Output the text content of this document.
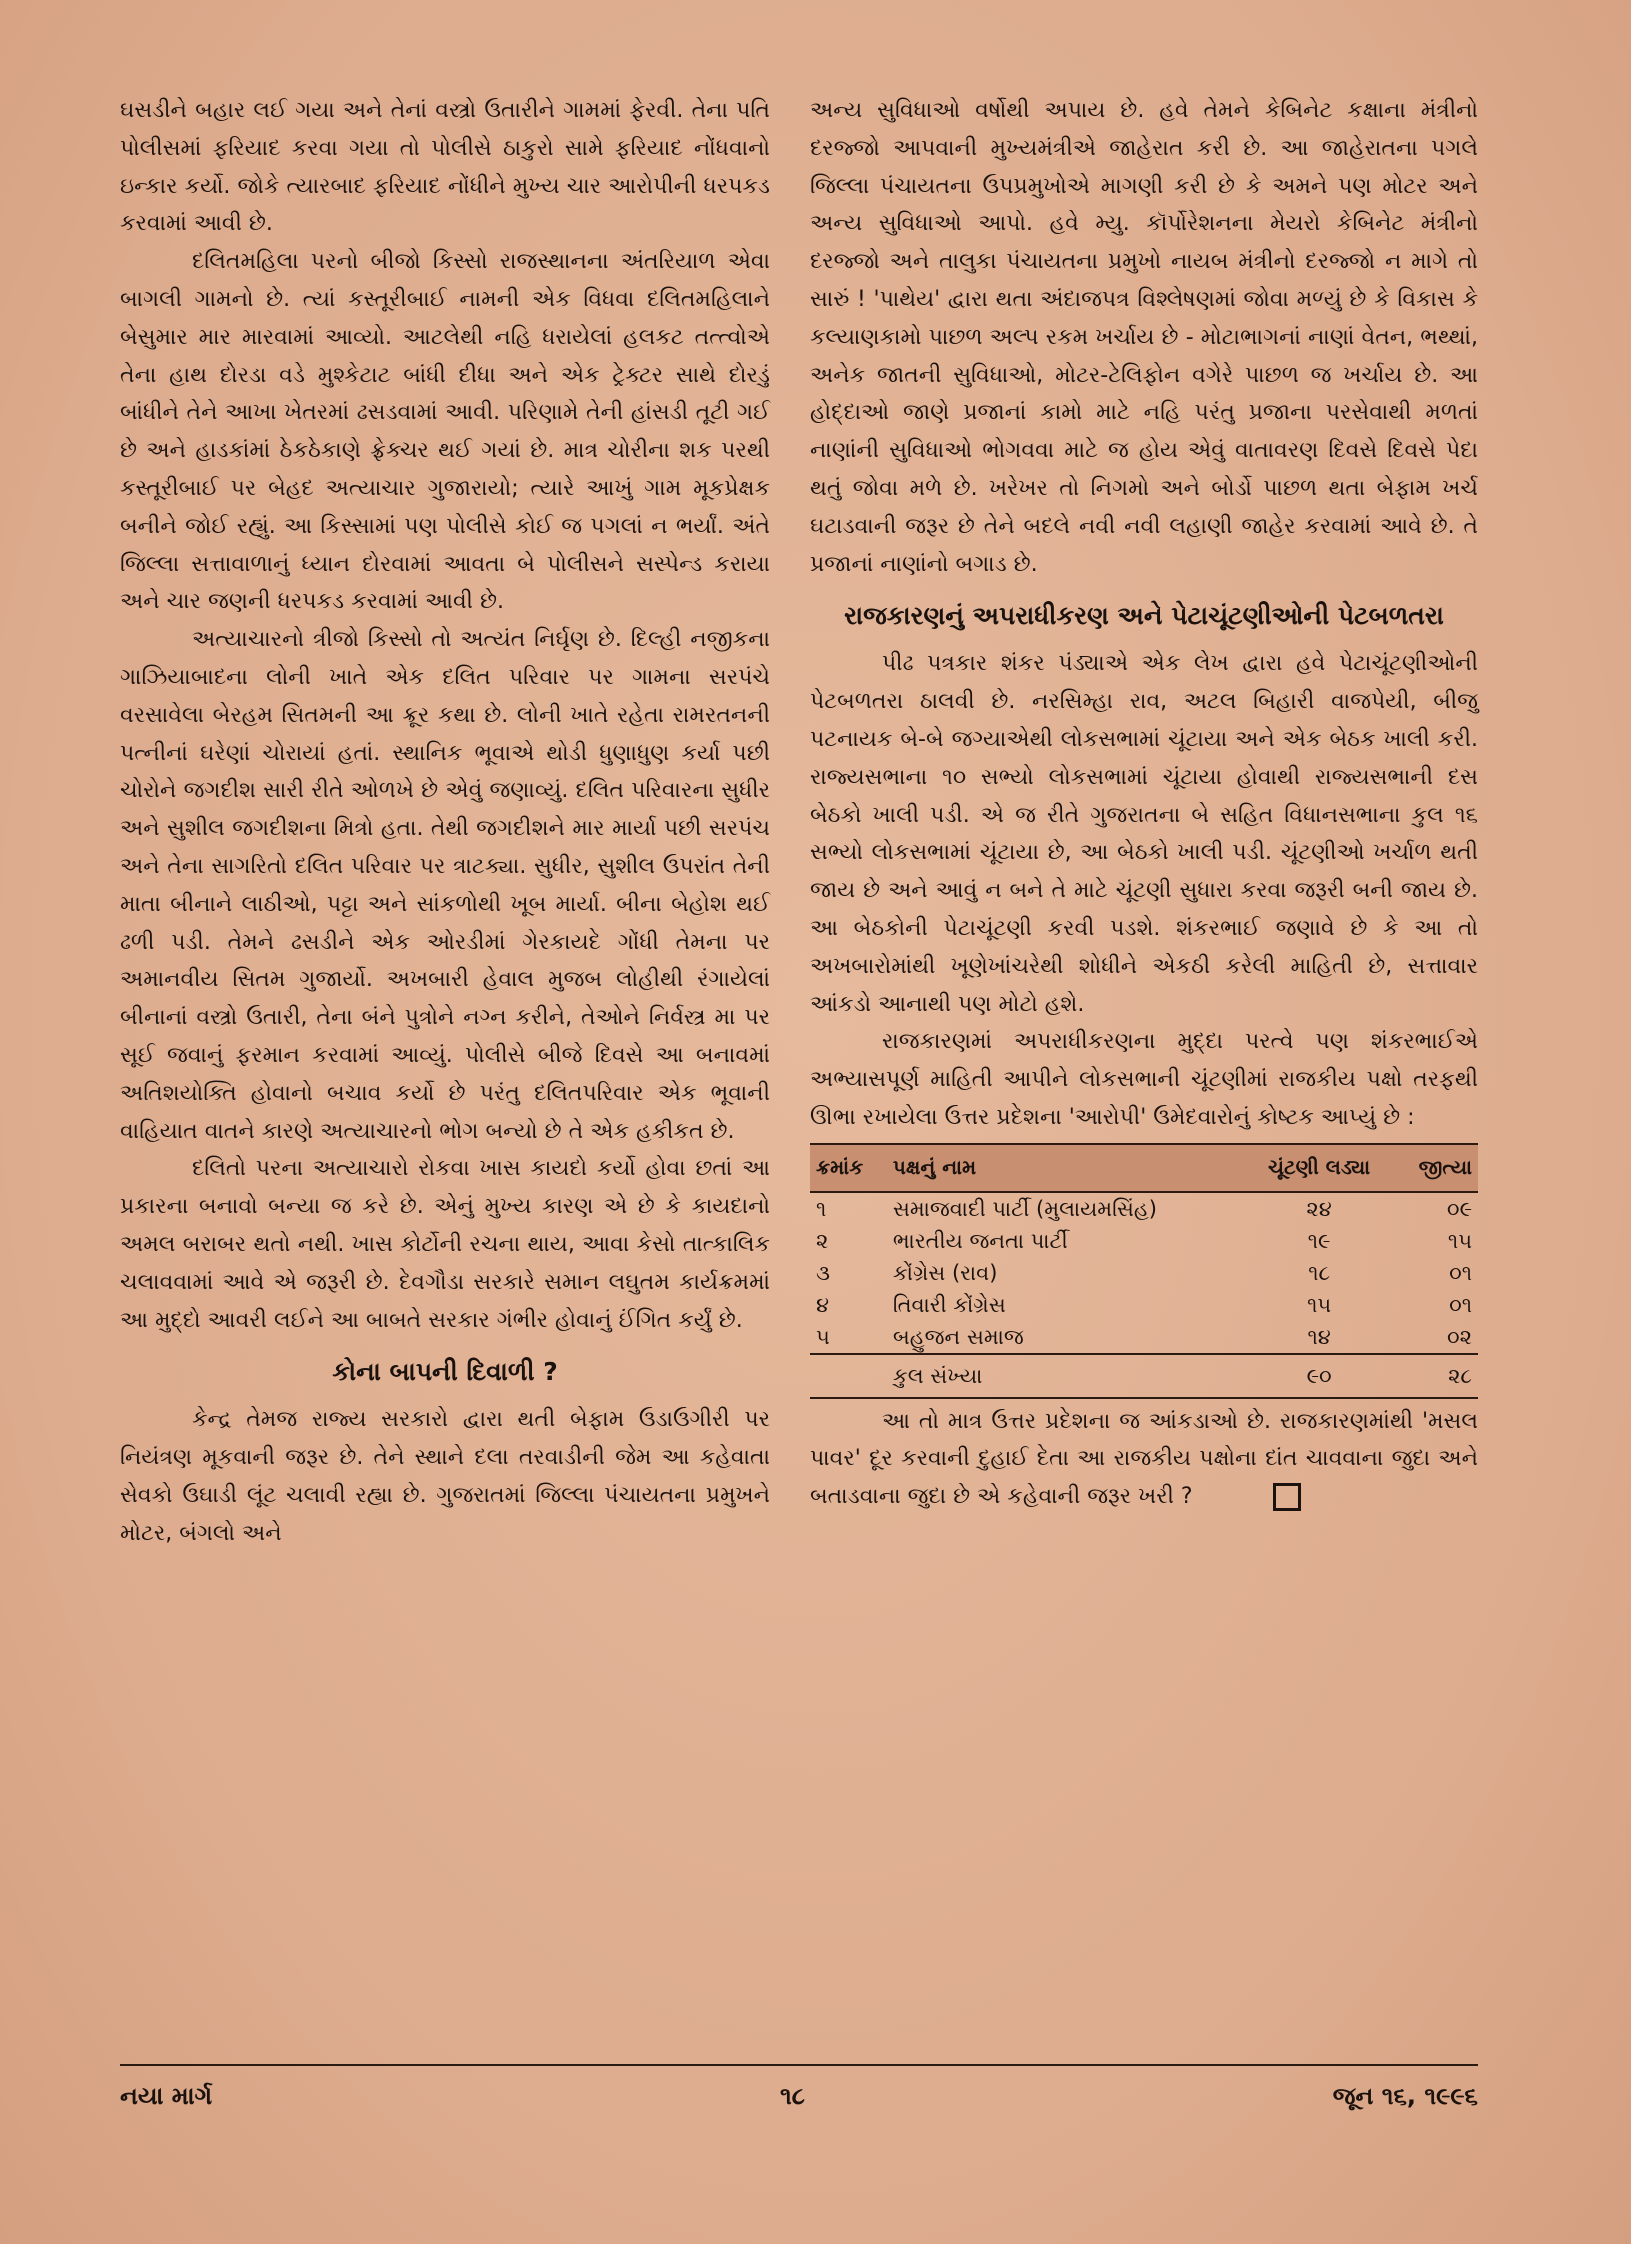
ઘસડીને બહાર લઈ ગયા અને તેનાં વસ્ત્રો ઉતારીને ગામમાં ફેરવી. તેના પતિ પોલીસમાં ફરિયાદ કરવા ગયા તો પોલીસે ઠાકુરો સામે ફરિયાદ નોંધવાનો ઇન્કાર કર્યો. જોકે ત્યારબાદ ફરિયાદ નોંધીને મુખ્ય ચાર આરોપીની ધરપકડ કરવામાં આવી છે.

દલિતમહિલા પરનો બીજો કિસ્સો રાજસ્થાનના અંતરિયાળ એવા બાગલી ગામનો છે. ત્યાં કસ્તૂરીબાઈ નામની એક વિધવા દલિતમહિલાને બેસુમાર માર મારવામાં આવ્યો. આટલેથી નહિ ધરાયેલાં હલકટ તત્ત્વોએ તેના હાથ દોરડા વડે મુશ્કેટાટ બાંધી દીધા અને એક ટ્રેક્ટર સાથે દોરડું બાંધીને તેને આખા ખેતરમાં ઢસડવામાં આવી. પરિણામે તેની હાંસડી તૂટી ગઈ છે અને હાડકાંમાં ઠેકઠેકાણે ફ્રેક્ચર થઈ ગયાં છે. માત્ર ચોરીના શક પરથી કસ્તૂરીબાઈ પર બેહદ અત્યાચાર ગુજારાયો; ત્યારે આખું ગામ મૂકપ્રેક્ષક બનીને જોઈ રહ્યું. આ કિસ્સામાં પણ પોલીસે કોઈ જ પગલાં ન ભર્યાં. અંતે જિલ્લા સત્તાવાળાનું ધ્યાન દોરવામાં આવતા બે પોલીસને સસ્પેન્ડ કરાયા અને ચાર જણની ધરપકડ કરવામાં આવી છે.

અત્યાચારનો ત્રીજો કિસ્સો તો અત્યંત નિર્ઘૃણ છે. દિલ્હી નજીકના ગાઝિયાબાદના લોની ખાતે એક દલિત પરિવાર પર ગામના સરપંચે વરસાવેલા બેરહમ સિતમની આ ક્રૂર કથા છે. લોની ખાતે રહેતા રામરતનની પત્નીનાં ઘરેણાં ચોરાયાં હતાં. સ્થાનિક ભૂવાએ થોડી ધુણાધુણ કર્યા પછી ચોરોને જગદીશ સારી રીતે ઓળખે છે એવું જણાવ્યું. દલિત પરિવારના સુધીર અને સુશીલ જગદીશના મિત્રો હતા. તેથી જગદીશને માર માર્યા પછી સરપંચ અને તેના સાગરિતો દલિત પરિવાર પર ત્રાટક્યા. સુધીર, સુશીલ ઉપરાંત તેની માતા બીનાને લાઠીઓ, પટ્ટા અને સાંકળોથી ખૂબ માર્યા. બીના બેહોશ થઈ ઢળી પડી. તેમને ઢસડીને એક ઓરડીમાં ગેરકાયદે ગોંધી તેમના પર અમાનવીય સિતમ ગુજાર્યો. અખબારી હેવાલ મુજબ લોહીથી રંગાયેલાં બીનાનાં વસ્ત્રો ઉતારી, તેના બંને પુત્રોને નગ્ન કરીને, તેઓને નિર્વસ્ત્ર મા પર સૂઈ જવાનું ફરમાન કરવામાં આવ્યું. પોલીસે બીજે દિવસે આ બનાવમાં અતિશયોક્તિ હોવાનો બચાવ કર્યો છે પરંતુ દલિતપરિવાર એક ભૂવાની વાહિયાત વાતને કારણે અત્યાચારનો ભોગ બન્યો છે તે એક હકીકત છે.

દલિતો પરના અત્યાચારો રોકવા ખાસ કાયદો કર્યો હોવા છતાં આ પ્રકારના બનાવો બન્યા જ કરે છે. એનું મુખ્ય કારણ એ છે કે કાયદાનો અમલ બરાબર થતો નથી. ખાસ કોર્ટોની રચના થાય, આવા કેસો તાત્કાલિક ચલાવવામાં આવે એ જરૂરી છે. દેવગૌડા સરકારે સમાન લઘુતમ કાર્યક્રમમાં આ મુદ્દો આવરી લઈને આ બાબતે સરકાર ગંભીર હોવાનું ઈંગિત કર્યું છે.

કોના બાપની દિવાળી ?

કેન્દ્ર તેમજ રાજ્ય સરકારો દ્વારા થતી બેફામ ઉડાઉગીરી પર નિયંત્રણ મૂકવાની જરૂર છે. તેને સ્થાને દલા તરવાડીની જેમ આ કહેવાતા સેવકો ઉઘાડી લૂંટ ચલાવી રહ્યા છે. ગુજરાતમાં જિલ્લા પંચાયતના પ્રમુખને મોટર, બંગલો અને

અન્ય સુવિધાઓ વર્ષોથી અપાય છે. હવે તેમને કેબિનેટ કક્ષાના મંત્રીનો દરજ્જો આપવાની મુખ્યમંત્રીએ જાહેરાત કરી છે. આ જાહેરાતના પગલે જિલ્લા પંચાયતના ઉપપ્રમુખોએ માગણી કરી છે કે અમને પણ મોટર અને અન્ય સુવિધાઓ આપો. હવે મ્યુ. કૉર્પોરેશનના મેયરો કેબિનેટ મંત્રીનો દરજ્જો અને તાલુકા પંચાયતના પ્રમુખો નાયબ મંત્રીનો દરજ્જો ન માગે તો સારું ! 'પાથેય' દ્વારા થતા અંદાજપત્ર વિશ્લેષણમાં જોવા મળ્યું છે કે વિકાસ કે કલ્યાણકામો પાછળ અલ્પ રકમ ખર્ચાય છે - મોટાભાગનાં નાણાં વેતન, ભથ્થાં, અનેક જાતની સુવિધાઓ, મોટર-ટેલિફોન વગેરે પાછળ જ ખર્ચાય છે. આ હોદ્દાઓ જાણે પ્રજાનાં કામો માટે નહિ પરંતુ પ્રજાના પરસેવાથી મળતાં નાણાંની સુવિધાઓ ભોગવવા માટે જ હોય એવું વાતાવરણ દિવસે દિવસે પેદા થતું જોવા મળે છે. ખરેખર તો નિગમો અને બોર્ડો પાછળ થતા બેફામ ખર્ચ ઘટાડવાની જરૂર છે તેને બદલે નવી નવી લહાણી જાહેર કરવામાં આવે છે. તે પ્રજાનાં નાણાંનો બગાડ છે.

રાજકારણનું અપરાધીકરણ અને પેટાચૂંટણીઓની પેટબળતરા

પીઢ પત્રકાર શંકર પંડ્યાએ એક લેખ દ્વારા હવે પેટાચૂંટણીઓની પેટબળતરા ઠાલવી છે. નરસિમ્હા રાવ, અટલ બિહારી વાજપેયી, બીજુ પટનાયક બે-બે જગ્યાએથી લોકસભામાં ચૂંટાયા અને એક બેઠક ખાલી કરી. રાજ્યસભાના ૧૦ સભ્યો લોકસભામાં ચૂંટાયા હોવાથી રાજ્યસભાની દસ બેઠકો ખાલી પડી. એ જ રીતે ગુજરાતના બે સહિત વિધાનસભાના કુલ ૧૬ સભ્યો લોકસભામાં ચૂંટાયા છે, આ બેઠકો ખાલી પડી. ચૂંટણીઓ ખર્ચાળ થતી જાય છે અને આવું ન બને તે માટે ચૂંટણી સુધારા કરવા જરૂરી બની જાય છે. આ બેઠકોની પેટાચૂંટણી કરવી પડશે. શંકરભાઈ જણાવે છે કે આ તો અખબારોમાંથી ખૂણેખાંચરેથી શોધીને એકઠી કરેલી માહિતી છે, સત્તાવાર આંકડો આનાથી પણ મોટો હશે.

રાજકારણમાં અપરાધીકરણના મુદ્દા પરત્વે પણ શંકરભાઈએ અભ્યાસપૂર્ણ માહિતી આપીને લોકસભાની ચૂંટણીમાં રાજકીય પક્ષો તરફથી ઊભા રખાયેલા ઉત્તર પ્રદેશના 'આરોપી' ઉમેદવારોનું કોષ્ટક આપ્યું છે :

ક્રમાંક	પક્ષનું નામ	ચૂંટણી લડ્યા	જીત્યા
૧	સમાજવાદી પાર્ટી (મુલાયમસિંહ)	૨૪	૦૯
૨	ભારતીય જનતા પાર્ટી	૧૯	૧૫
૩	કોંગ્રેસ (રાવ)	૧૮	૦૧
૪	તિવારી કોંગ્રેસ	૧૫	૦૧
૫	બહુજન સમાજ	૧૪	૦૨
	કુલ સંખ્યા	૯૦	૨૮

આ તો માત્ર ઉત્તર પ્રદેશના જ આંકડાઓ છે. રાજકારણમાંથી 'મસલ પાવર' દૂર કરવાની દુહાઈ દેતા આ રાજકીય પક્ષોના દાંત ચાવવાના જુદા અને બતાડવાના જુદા છે એ કહેવાની જરૂર ખરી ?

નયા માર્ગ	૧૮	જૂન ૧૬, ૧૯૯૬
